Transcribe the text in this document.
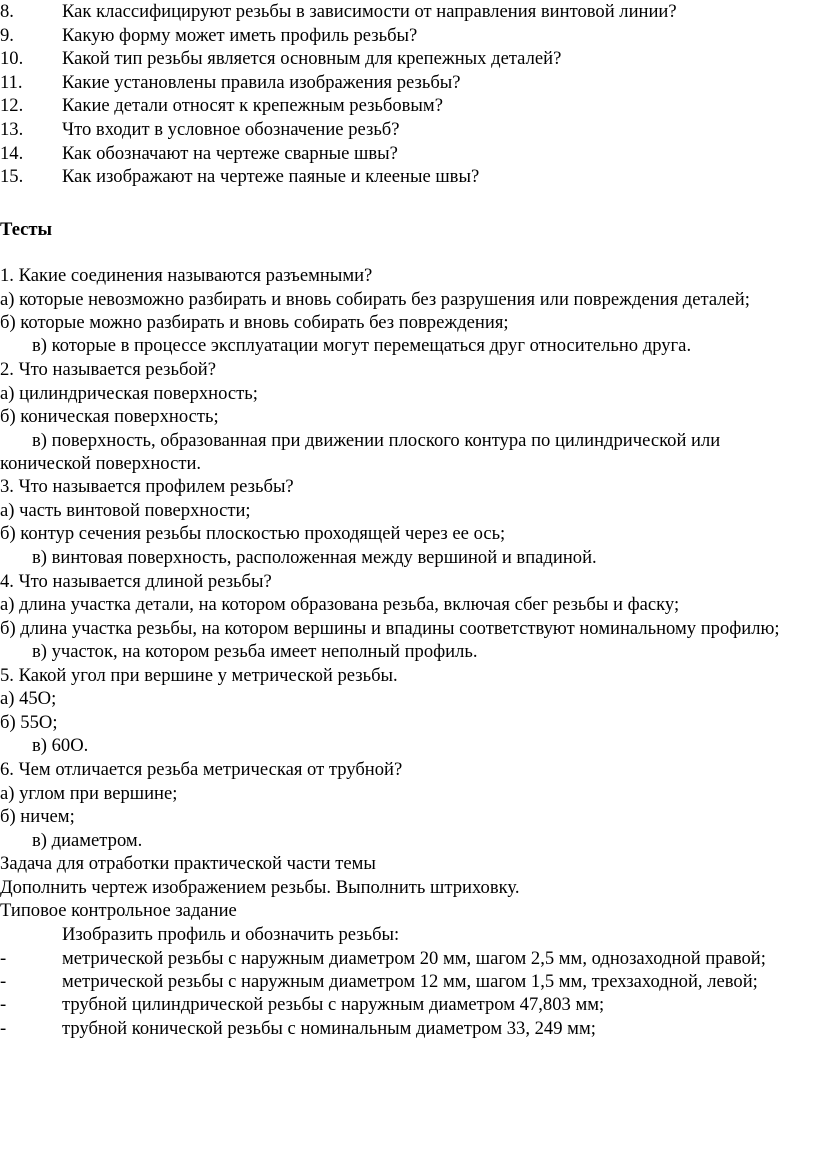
8.	Как классифицируют резьбы в зависимости от направления винтовой линии?
9.	Какую форму может иметь профиль резьбы?
10.	Какой тип резьбы является основным для крепежных деталей?
11.	Какие установлены правила изображения резьбы?
12.	Какие детали относят к крепежным резьбовым?
13.	Что входит в условное обозначение резьб?
14.	Как обозначают на чертеже сварные швы?
15.	Как изображают на чертеже паяные и клееные швы?
Тесты
1. Какие соединения называются разъемными?
а) которые невозможно разбирать и вновь собирать без разрушения или повреждения деталей;
б) которые можно разбирать и вновь собирать без повреждения;
в) которые в процессе эксплуатации могут перемещаться друг относительно друга.
2. Что называется резьбой?
а) цилиндрическая поверхность;
б) коническая поверхность;
в) поверхность, образованная при движении плоского контура по цилиндрической или конической поверхности.
3. Что называется профилем резьбы?
а) часть винтовой поверхности;
б) контур сечения резьбы плоскостью проходящей через ее ось;
в) винтовая поверхность, расположенная между вершиной и впадиной.
4. Что называется длиной резьбы?
а) длина участка детали, на котором образована резьба, включая сбег резьбы и фаску;
б) длина участка резьбы, на котором вершины и впадины соответствуют номинальному профилю;
в) участок, на котором резьба имеет неполный профиль.
5. Какой угол при вершине у метрической резьбы.
а) 45О;
б) 55О;
в) 60О.
6. Чем отличается резьба метрическая от трубной?
а) углом при вершине;
б) ничем;
в) диаметром.
Задача для отработки практической части темы
Дополнить чертеж изображением резьбы. Выполнить штриховку.
Типовое контрольное задание
Изобразить профиль и обозначить резьбы:
-	метрической резьбы с наружным диаметром 20 мм, шагом 2,5 мм, однозаходной правой;
-	метрической резьбы с наружным диаметром 12 мм, шагом 1,5 мм, трехзаходной, левой;
-	трубной цилиндрической резьбы с наружным диаметром 47,803 мм;
-	трубной конической резьбы с номинальным диаметром 33, 249 мм;
